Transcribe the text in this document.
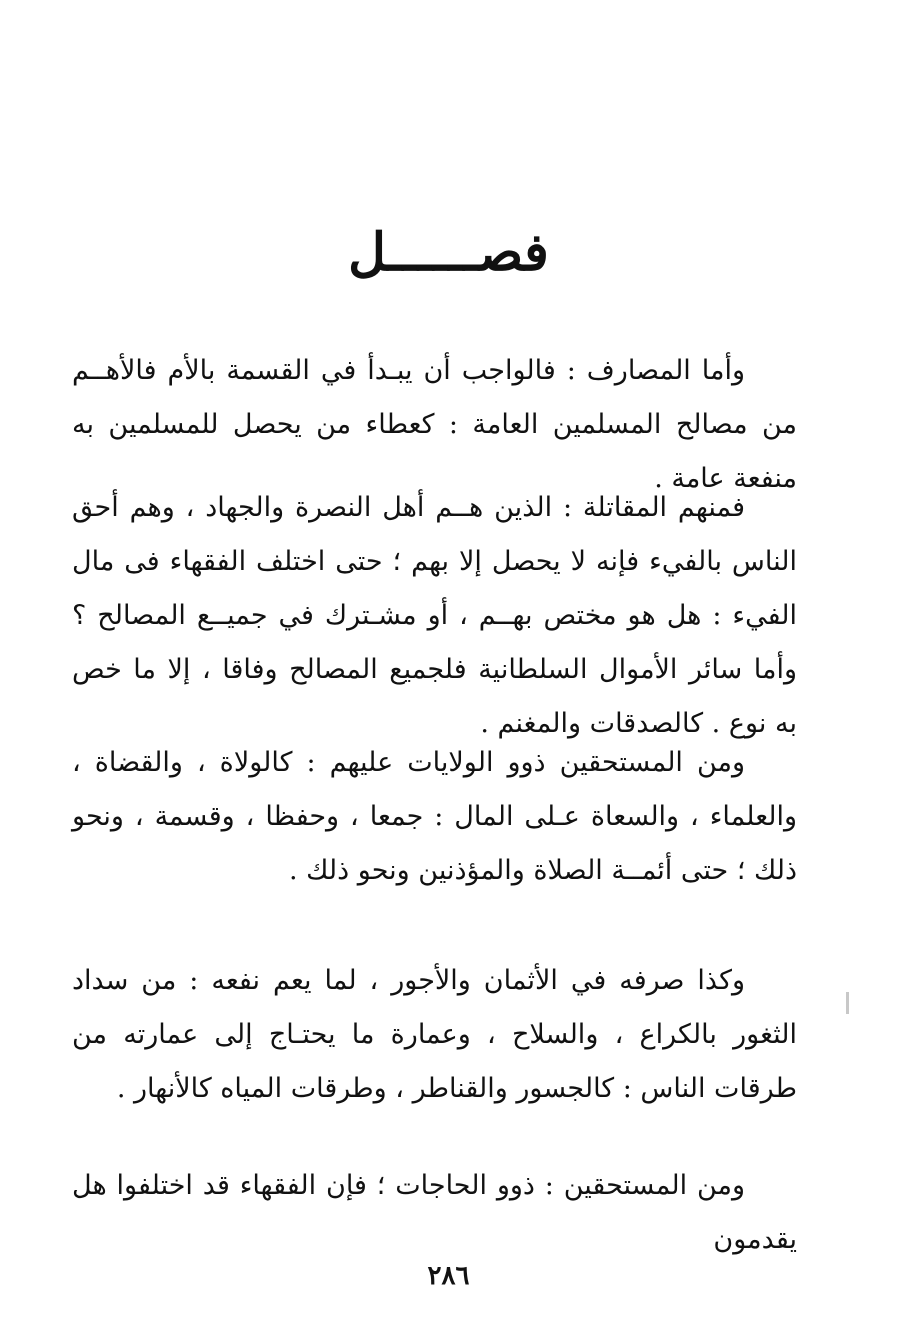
فصــــــل

وأما المصارف : فالواجب أن يبـدأ في القسمة بالأم فالأهــم من مصالح المسلمين العامة : كعطاء من يحصل للمسلمين به منفعة عامة .

فمنهم المقاتلة : الذين هــم أهل النصرة والجهاد ، وهم أحق الناس بالفيء فإنه لا يحصل إلا بهم ؛ حتى اختلف الفقهاء فى مال الفيء : هل هو مختص بهــم ، أو مشـترك في جميــع المصالح ؟ وأما سائر الأموال السلطانية فلجميع المصالح وفاقا ، إلا ما خص به نوع . كالصدقات والمغنم .

ومن المستحقين ذوو الولايات عليهم : كالولاة ، والقضاة ، والعلماء ، والسعاة عـلى المال : جمعا ، وحفظا ، وقسمة ، ونحو ذلك ؛ حتى أئمــة الصلاة والمؤذنين ونحو ذلك .

وكذا صرفه في الأثمان والأجور ، لما يعم نفعه : من سداد الثغور بالكراع ، والسلاح ، وعمارة ما يحتـاج إلى عمارته من طرقات الناس : كالجسور والقناطر ، وطرقات المياه كالأنهار .

ومن المستحقين : ذوو الحاجات ؛ فإن الفقهاء قد اختلفوا هل يقدمون

٢٨٦
